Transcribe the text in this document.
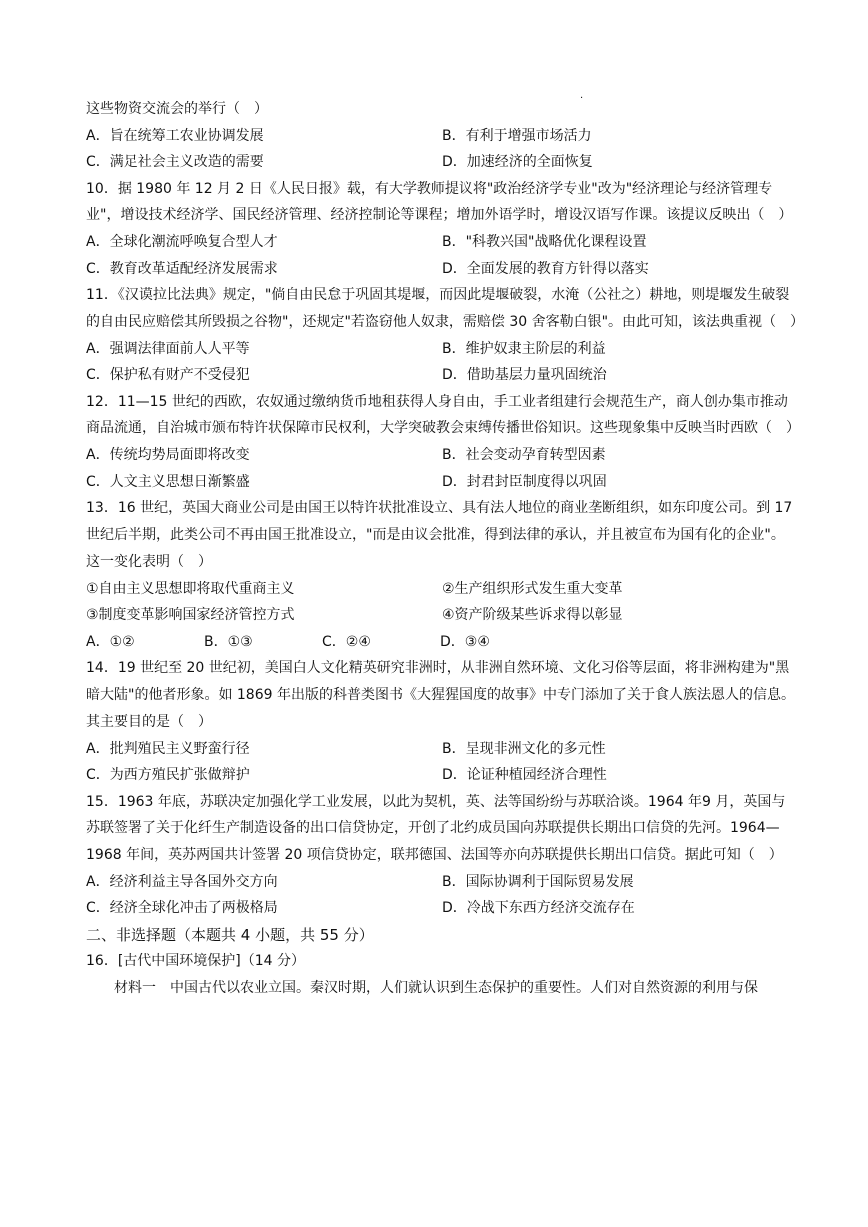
·
这些物资交流会的举行（　）
A．旨在统筹工农业协调发展	B．有利于增强市场活力
C．满足社会主义改造的需要	D．加速经济的全面恢复
10．据 1980 年 12 月 2 日《人民日报》载，有大学教师提议将"政治经济学专业"改为"经济理论与经济管理专业"，增设技术经济学、国民经济管理、经济控制论等课程；增加外语学时，增设汉语写作课。该提议反映出（　）
A．全球化潮流呼唤复合型人才	B．"科教兴国"战略优化课程设置
C．教育改革适配经济发展需求	D．全面发展的教育方针得以落实
11．《汉谟拉比法典》规定，"倘自由民怠于巩固其堤堰，而因此堤堰破裂，水淹（公社之）耕地，则堤堰发生破裂的自由民应赔偿其所毁损之谷物"，还规定"若盗窃他人奴隶，需赔偿 30 舍客勒白银"。由此可知，该法典重视（　）
A．强调法律面前人人平等	B．维护奴隶主阶层的利益
C．保护私有财产不受侵犯	D．借助基层力量巩固统治
12．11—15 世纪的西欧，农奴通过缴纳货币地租获得人身自由，手工业者组建行会规范生产，商人创办集市推动商品流通，自治城市颁布特许状保障市民权利，大学突破教会束缚传播世俗知识。这些现象集中反映当时西欧（　）
A．传统均势局面即将改变	B．社会变动孕育转型因素
C．人文主义思想日渐繁盛	D．封君封臣制度得以巩固
13．16 世纪，英国大商业公司是由国王以特许状批准设立、具有法人地位的商业垄断组织，如东印度公司。到 17 世纪后半期，此类公司不再由国王批准设立，"而是由议会批准，得到法律的承认，并且被宣布为国有化的企业"。这一变化表明（　）
①自由主义思想即将取代重商主义	②生产组织形式发生重大变革
③制度变革影响国家经济管控方式	④资产阶级某些诉求得以彰显
A．①②	B．①③	C．②④	D．③④
14．19 世纪至 20 世纪初，美国白人文化精英研究非洲时，从非洲自然环境、文化习俗等层面，将非洲构建为"黑暗大陆"的他者形象。如 1869 年出版的科普类图书《大猩猩国度的故事》中专门添加了关于食人族法恩人的信息。其主要目的是（　）
A．批判殖民主义野蛮行径	B．呈现非洲文化的多元性
C．为西方殖民扩张做辩护	D．论证种植园经济合理性
15．1963 年底，苏联决定加强化学工业发展，以此为契机，英、法等国纷纷与苏联洽谈。1964 年9 月，英国与苏联签署了关于化纤生产制造设备的出口信贷协定，开创了北约成员国向苏联提供长期出口信贷的先河。1964—1968 年间，英苏两国共计签署 20 项信贷协定，联邦德国、法国等亦向苏联提供长期出口信贷。据此可知（　）
A．经济利益主导各国外交方向	B．国际协调利于国际贸易发展
C．经济全球化冲击了两极格局	D．冷战下东西方经济交流存在
二、非选择题（本题共 4 小题，共 55 分）
16．[古代中国环境保护]（14 分）
材料一　中国古代以农业立国。秦汉时期，人们就认识到生态保护的重要性。人们对自然资源的利用与保
